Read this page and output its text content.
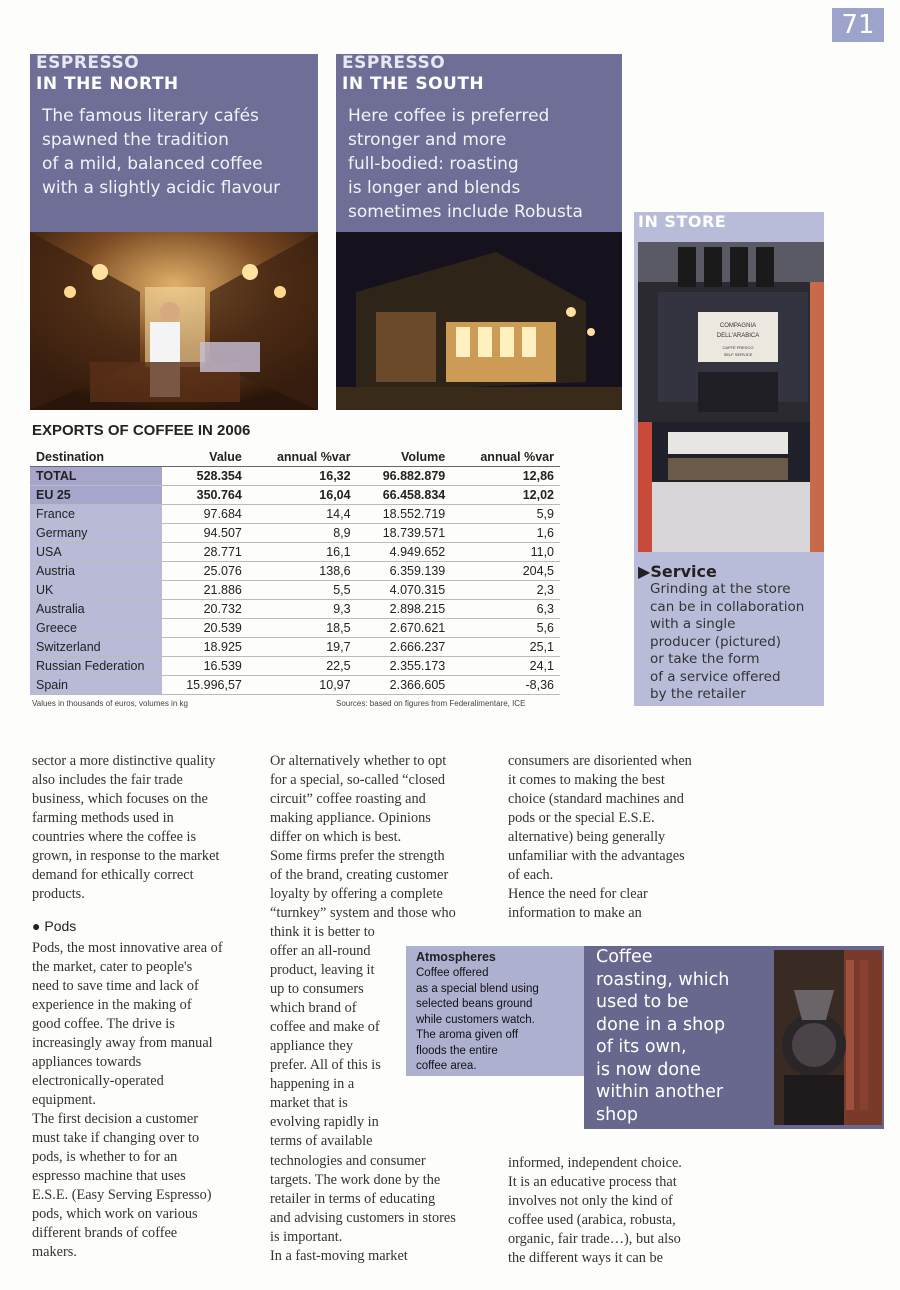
71
ESPRESSO
IN THE NORTH
The famous literary cafés
spawned the tradition
of a mild, balanced coffee
with a slightly acidic flavour
ESPRESSO
IN THE SOUTH
Here coffee is preferred
stronger and more
full-bodied: roasting
is longer and blends
sometimes include Robusta	IN STORE
COMPAGNIA
DELL'ARABICA
CAFFÈ FRESCO
SELF SERVICE
▶Service
Grinding at the store
can be in collaboration
with a single
producer (pictured)
or take the form
of a service offered
by the retailer
EXPORTS OF COFFEE IN 2006
Destination	Value	annual %var	Volume	annual %var
TOTAL	528.354	16,32	96.882.879	12,86
EU 25	350.764	16,04	66.458.834	12,02
France	97.684	14,4	18.552.719	5,9
Germany	94.507	8,9	18.739.571	1,6
USA	28.771	16,1	4.949.652	11,0
Austria	25.076	138,6	6.359.139	204,5
UK	21.886	5,5	4.070.315	2,3
Australia	20.732	9,3	2.898.215	6,3
Greece	20.539	18,5	2.670.621	5,6
Switzerland	18.925	19,7	2.666.237	25,1
Russian Federation	16.539	22,5	2.355.173	24,1
Spain	15.996,57	10,97	2.366.605	-8,36
Values in thousands of euros, volumes in kg	Sources: based on figures from Federalimentare, ICE
sector a more distinctive quality
also includes the fair trade
business, which focuses on the
farming methods used in
countries where the coffee is
grown, in response to the market
demand for ethically correct
products.
● Pods
Pods, the most innovative area of
the market, cater to people's
need to save time and lack of
experience in the making of
good coffee. The drive is
increasingly away from manual
appliances towards
electronically-operated
equipment.
The first decision a customer
must take if changing over to
pods, is whether to for an
espresso machine that uses
E.S.E. (Easy Serving Espresso)
pods, which work on various
different brands of coffee
makers.
Or alternatively whether to opt
for a special, so-called “closed
circuit” coffee roasting and
making appliance. Opinions
differ on which is best.
Some firms prefer the strength
of the brand, creating customer
loyalty by offering a complete
“turnkey” system and those who
think it is better to
offer an all-round
product, leaving it
up to consumers
which brand of
coffee and make of
appliance they
prefer. All of this is
happening in a
market that is
evolving rapidly in
terms of available
technologies and consumer
targets. The work done by the
retailer in terms of educating
and advising customers in stores
is important.
In a fast-moving market
consumers are disoriented when
it comes to making the best
choice (standard machines and
pods or the special E.S.E.
alternative) being generally
unfamiliar with the advantages
of each.
Hence the need for clear
information to make an
informed, independent choice.
It is an educative process that
involves not only the kind of
coffee used (arabica, robusta,
organic, fair trade…), but also
the different ways it can be
Atmospheres
Coffee offered
as a special blend using
selected beans ground
while customers watch.
The aroma given off
floods the entire
coffee area.
Coffee
roasting, which
used to be
done in a shop
of its own,
is now done
within another
shop
